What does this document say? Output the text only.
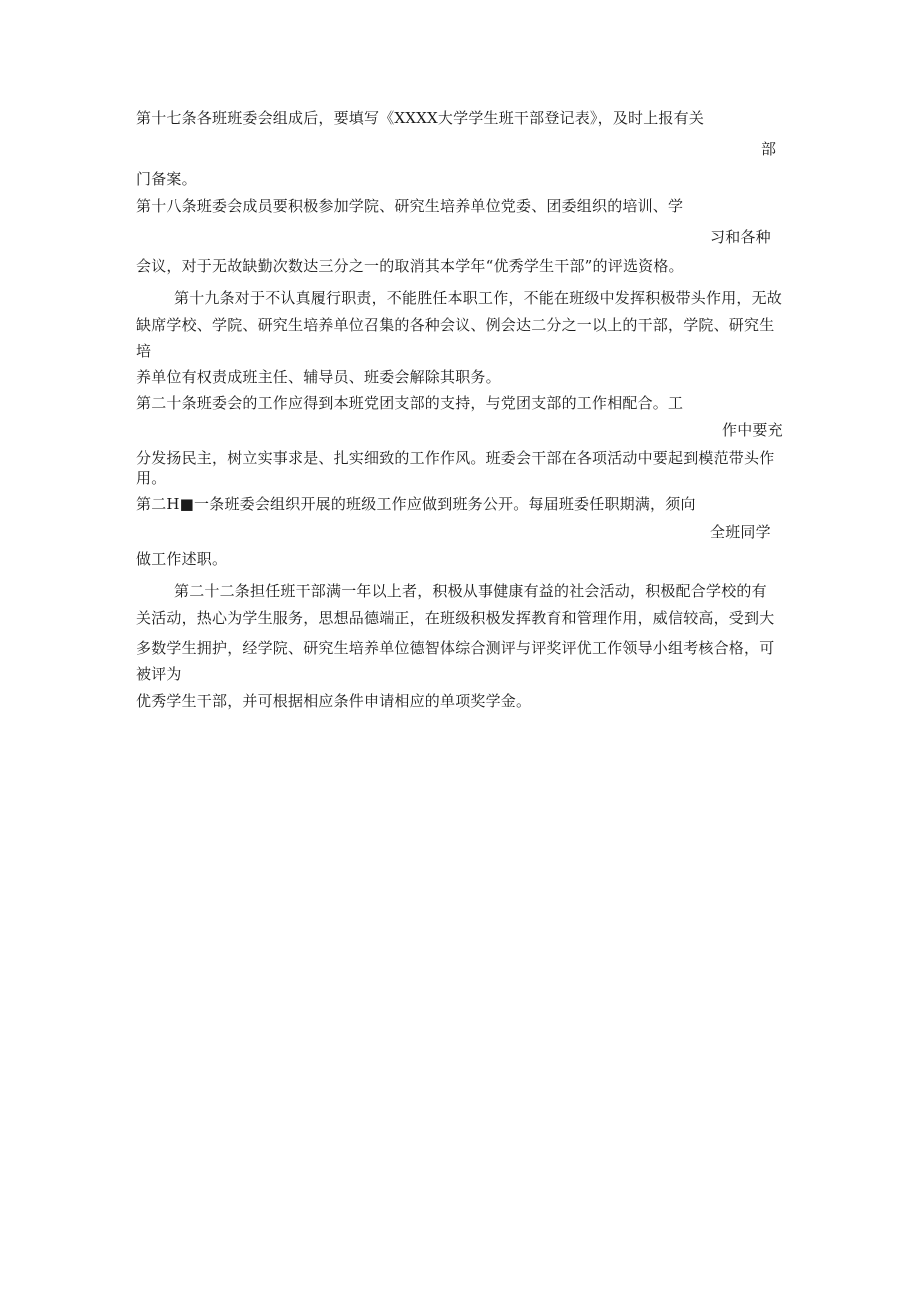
第十七条各班班委会组成后，要填写《XXXX大学学生班干部登记表》，及时上报有关
部
门备案。
第十八条班委会成员要积极参加学院、研究生培养单位党委、团委组织的培训、学
习和各种
会议，对于无故缺勤次数达三分之一的取消其本学年“优秀学生干部”的评选资格。
第十九条对于不认真履行职责，不能胜任本职工作，不能在班级中发挥积极带头作用，无故
缺席学校、学院、研究生培养单位召集的各种会议、例会达二分之一以上的干部，学院、研究生
培
养单位有权责成班主任、辅导员、班委会解除其职务。
第二十条班委会的工作应得到本班党团支部的支持，与党团支部的工作相配合。工
作中要充
分发扬民主，树立实事求是、扎实细致的工作作风。班委会干部在各项活动中要起到模范带头作
用。
第二H■一条班委会组织开展的班级工作应做到班务公开。每届班委任职期满，须向
全班同学
做工作述职。
第二十二条担任班干部满一年以上者，积极从事健康有益的社会活动，积极配合学校的有
关活动，热心为学生服务，思想品德端正，在班级积极发挥教育和管理作用，威信较高，受到大
多数学生拥护，经学院、研究生培养单位德智体综合测评与评奖评优工作领导小组考核合格，可
被评为
优秀学生干部，并可根据相应条件申请相应的单项奖学金。
